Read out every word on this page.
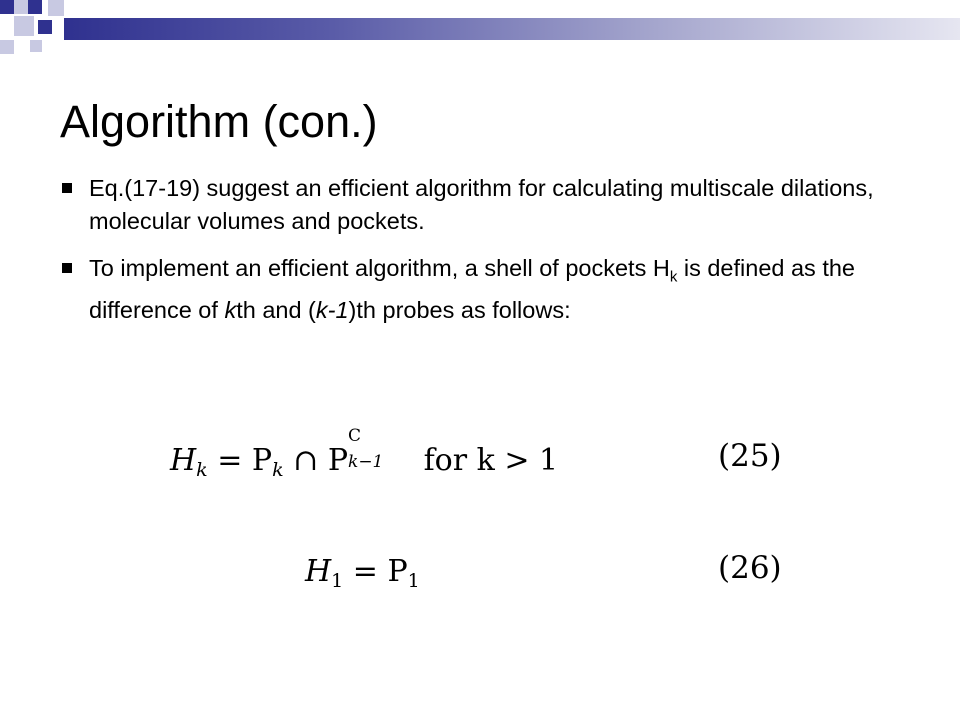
Algorithm (con.)
Eq.(17-19) suggest an efficient algorithm for calculating multiscale dilations, molecular volumes and pockets.
To implement an efficient algorithm, a shell of pockets $H_k$ is defined as the difference of kth and (k-1)th probes as follows:
$H_k = P_k$ ∩ P
C
k−1 for k > 1	(25)
$H_1 = P_1$	(26)
